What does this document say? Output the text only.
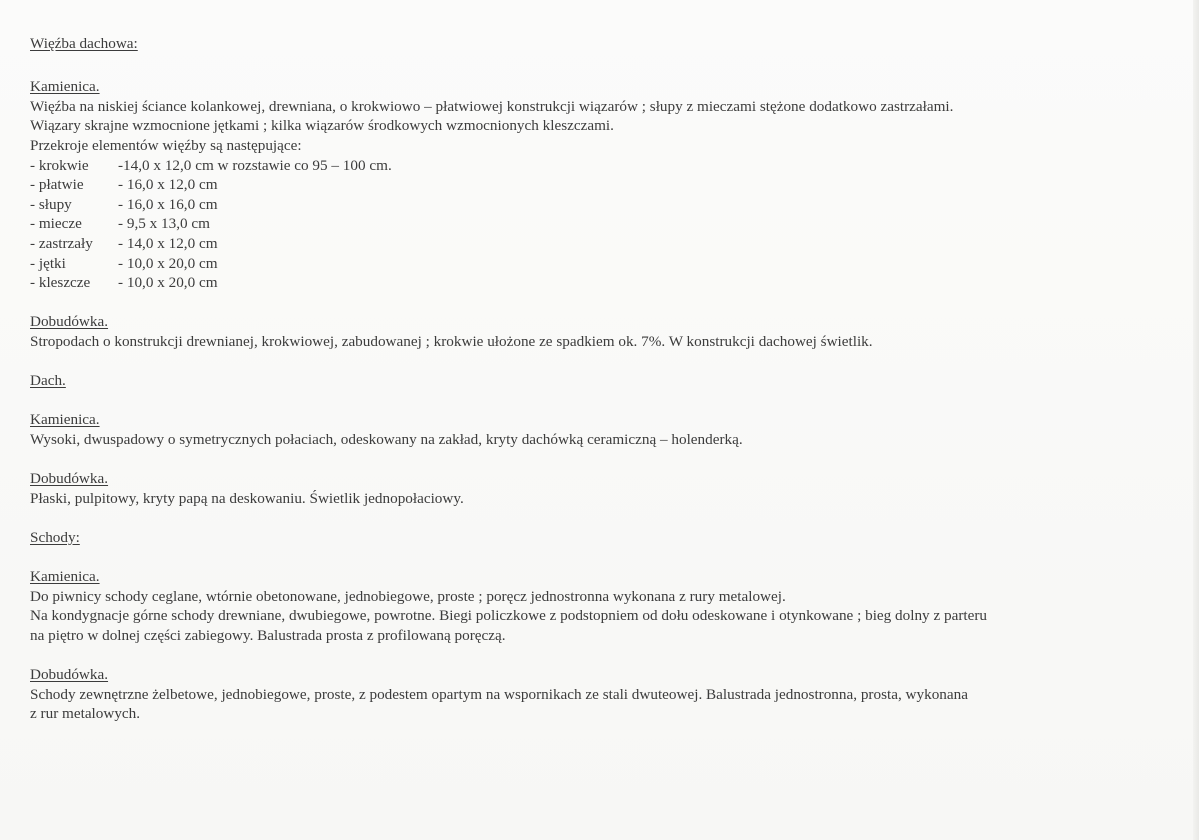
Więźba dachowa:
Kamienica.
Więźba na niskiej ściance kolankowej, drewniana, o krokwiowo – płatwiowej konstrukcji wiązarów ; słupy z mieczami stężone dodatkowo zastrzałami.
Wiązary skrajne wzmocnione jętkami ; kilka wiązarów środkowych wzmocnionych kleszczami.
Przekroje elementów więźby są następujące:
- krokwie	-14,0 x 12,0 cm w rozstawie co 95 – 100 cm.
- płatwie	- 16,0 x 12,0 cm
- słupy	- 16,0 x 16,0 cm
- miecze	- 9,5 x 13,0 cm
- zastrzały	- 14,0 x 12,0 cm
- jętki	- 10,0 x 20,0 cm
- kleszcze	- 10,0 x 20,0 cm
Dobudówka.
Stropodach o konstrukcji drewnianej, krokwiowej, zabudowanej ; krokwie ułożone ze spadkiem ok. 7%. W konstrukcji dachowej świetlik.
Dach.
Kamienica.
Wysoki, dwuspadowy o symetrycznych połaciach, odeskowany na zakład, kryty dachówką ceramiczną – holenderką.
Dobudówka.
Płaski, pulpitowy, kryty papą na deskowaniu. Świetlik jednopołaciowy.
Schody:
Kamienica.
Do piwnicy schody ceglane, wtórnie obetonowane, jednobiegowe, proste ; poręcz jednostronna wykonana z rury metalowej.
Na kondygnacje górne schody drewniane, dwubiegowe, powrotne. Biegi policzkowe z podstopniem od dołu odeskowane i otynkowane ; bieg dolny z parteru
na piętro w dolnej części zabiegowy. Balustrada prosta z profilowaną poręczą.
Dobudówka.
Schody zewnętrzne żelbetowe, jednobiegowe, proste, z podestem opartym na wspornikach ze stali dwuteowej. Balustrada jednostronna, prosta, wykonana
z rur metalowych.
